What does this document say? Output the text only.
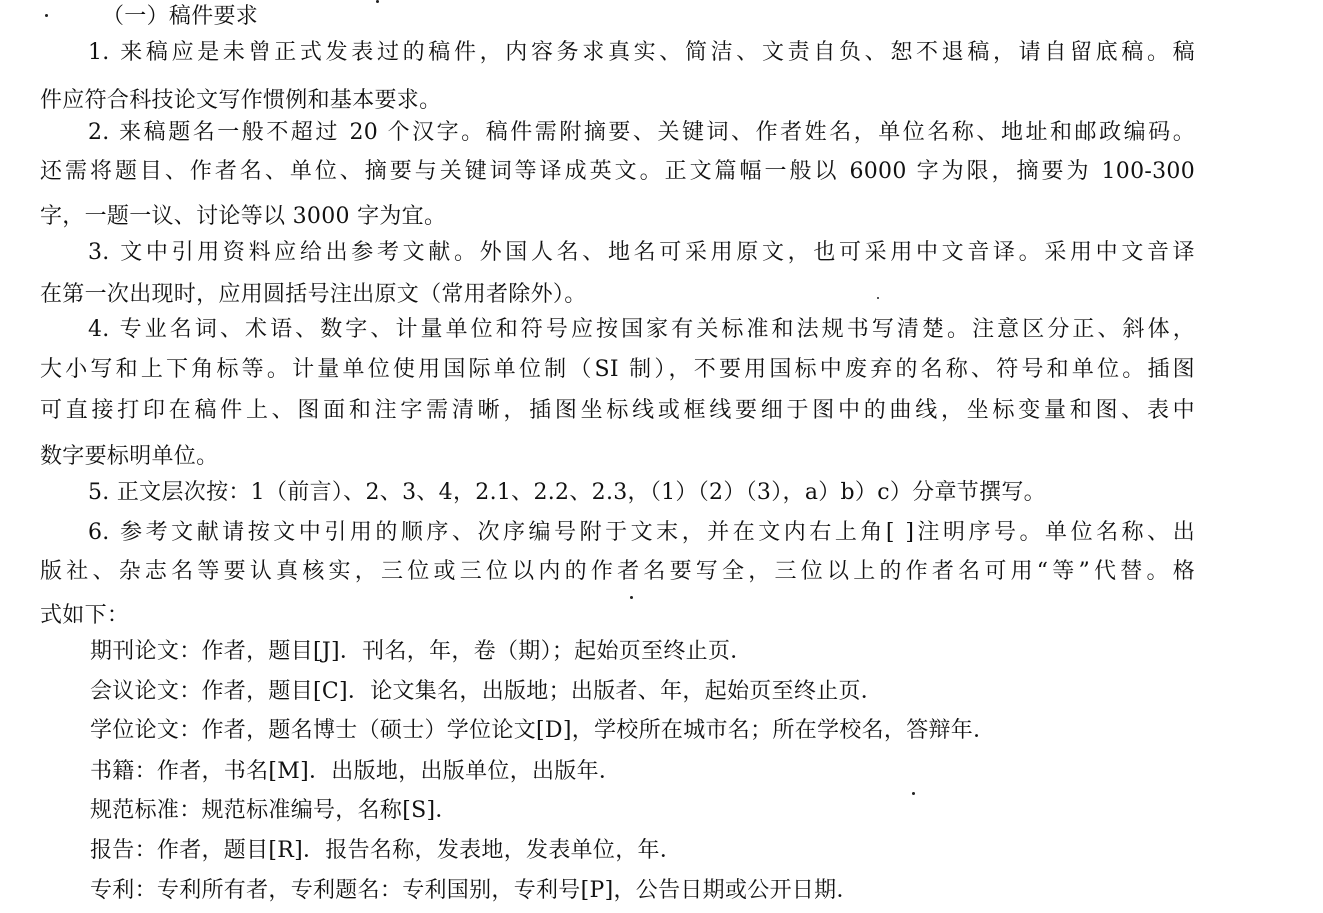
（一）稿件要求
1. 来稿应是未曾正式发表过的稿件，内容务求真实、简洁、文责自负、恕不退稿，请自留底稿。稿
件应符合科技论文写作惯例和基本要求。
2. 来稿题名一般不超过 20 个汉字。稿件需附摘要、关键词、作者姓名，单位名称、地址和邮政编码。
还需将题目、作者名、单位、摘要与关键词等译成英文。正文篇幅一般以 6000 字为限，摘要为 100-300
字，一题一议、讨论等以 3000 字为宜。
3. 文中引用资料应给出参考文献。外国人名、地名可采用原文，也可采用中文音译。采用中文音译
在第一次出现时，应用圆括号注出原文（常用者除外）。
4. 专业名词、术语、数字、计量单位和符号应按国家有关标准和法规书写清楚。注意区分正、斜体，
大小写和上下角标等。计量单位使用国际单位制（SI 制），不要用国标中废弃的名称、符号和单位。插图
可直接打印在稿件上、图面和注字需清晰，插图坐标线或框线要细于图中的曲线，坐标变量和图、表中
数字要标明单位。
5. 正文层次按：1（前言）、2、3、4，2.1、2.2、2.3，（1）（2）（3），a）b）c）分章节撰写。
6. 参考文献请按文中引用的顺序、次序编号附于文末，并在文内右上角[ ]注明序号。单位名称、出
版社、杂志名等要认真核实，三位或三位以内的作者名要写全，三位以上的作者名可用“等”代替。格
式如下：
期刊论文：作者，题目[J]．刊名，年，卷（期）；起始页至终止页．
会议论文：作者，题目[C]．论文集名，出版地；出版者、年，起始页至终止页．
学位论文：作者，题名博士（硕士）学位论文[D]，学校所在城市名；所在学校名，答辩年．
书籍：作者，书名[M]．出版地，出版单位，出版年．
规范标准：规范标准编号，名称[S]．
报告：作者，题目[R]．报告名称，发表地，发表单位，年．
专利：专利所有者，专利题名：专利国别，专利号[P]，公告日期或公开日期．
